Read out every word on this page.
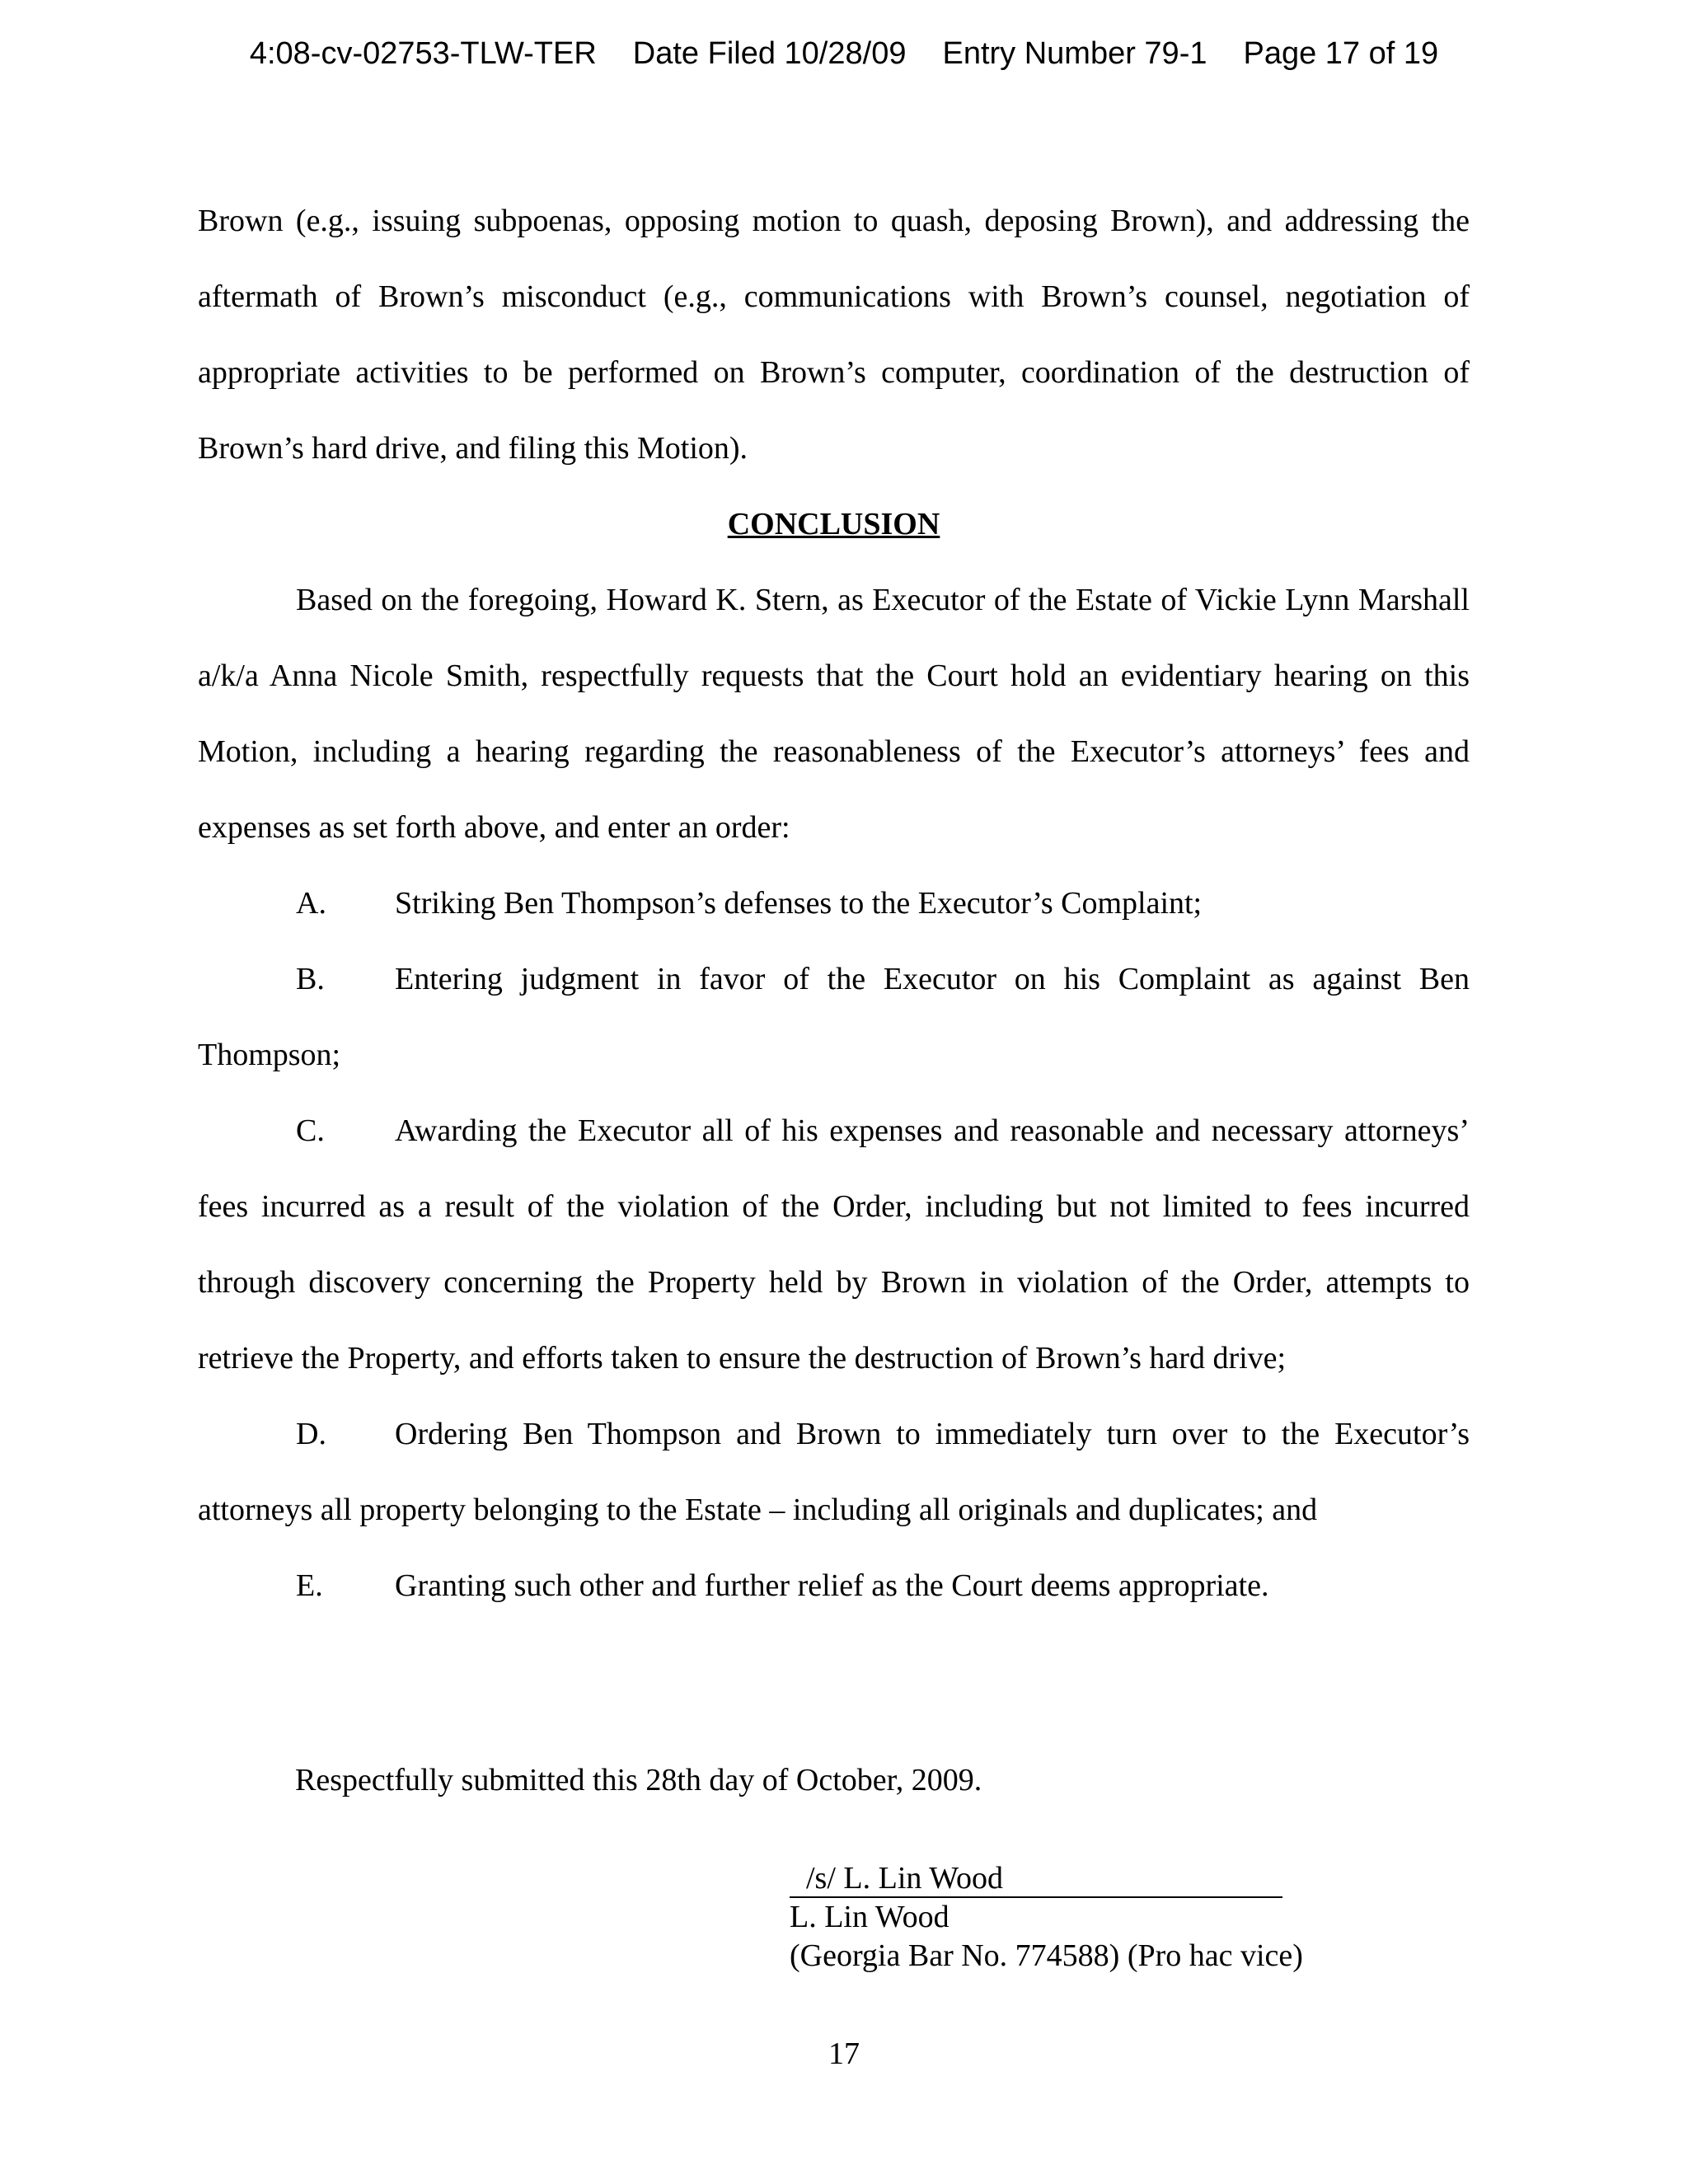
4:08-cv-02753-TLW-TER Date Filed 10/28/09 Entry Number 79-1 Page 17 of 19

Brown (e.g., issuing subpoenas, opposing motion to quash, deposing Brown), and addressing the aftermath of Brown’s misconduct (e.g., communications with Brown’s counsel, negotiation of appropriate activities to be performed on Brown’s computer, coordination of the destruction of Brown’s hard drive, and filing this Motion).

CONCLUSION

Based on the foregoing, Howard K. Stern, as Executor of the Estate of Vickie Lynn Marshall a/k/a Anna Nicole Smith, respectfully requests that the Court hold an evidentiary hearing on this Motion, including a hearing regarding the reasonableness of the Executor’s attorneys’ fees and expenses as set forth above, and enter an order:

A. Striking Ben Thompson’s defenses to the Executor’s Complaint;

B. Entering judgment in favor of the Executor on his Complaint as against Ben Thompson;

C. Awarding the Executor all of his expenses and reasonable and necessary attorneys’ fees incurred as a result of the violation of the Order, including but not limited to fees incurred through discovery concerning the Property held by Brown in violation of the Order, attempts to retrieve the Property, and efforts taken to ensure the destruction of Brown’s hard drive;

D. Ordering Ben Thompson and Brown to immediately turn over to the Executor’s attorneys all property belonging to the Estate – including all originals and duplicates; and

E. Granting such other and further relief as the Court deems appropriate.

Respectfully submitted this 28th day of October, 2009.
/s/ L. Lin Wood
L. Lin Wood
(Georgia Bar No. 774588) (Pro hac vice)
17
